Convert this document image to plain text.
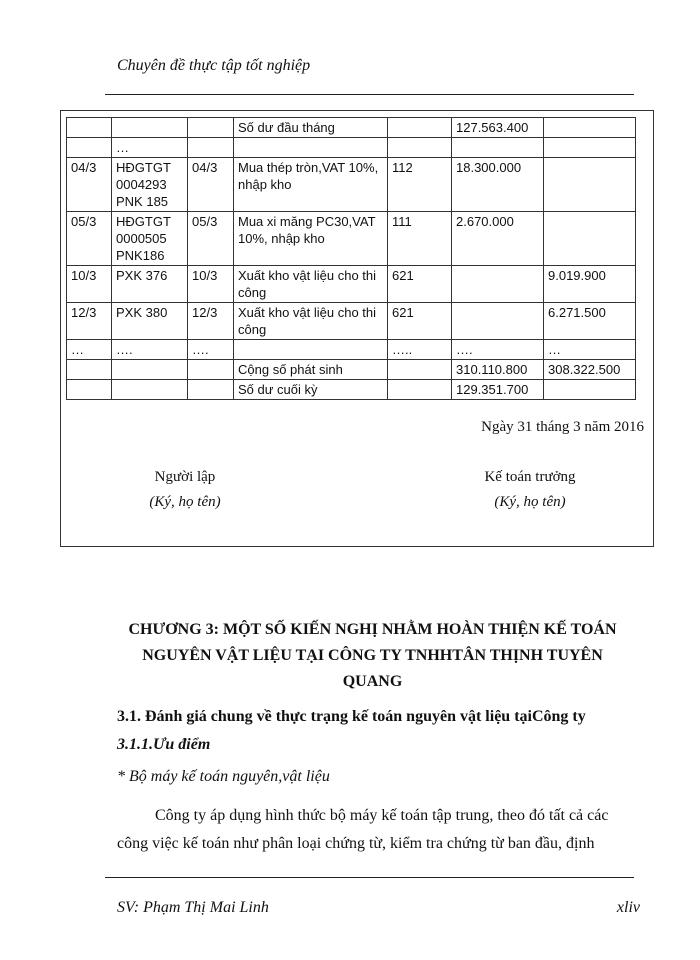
Chuyên đề thực tập tốt nghiệp
			Số dư đầu tháng		127.563.400	
	…					
04/3	HĐGTGT 0004293 PNK 185	04/3	Mua thép tròn,VAT 10%, nhập kho	112	18.300.000	
05/3	HĐGTGT 0000505 PNK186	05/3	Mua xi măng PC30,VAT 10%, nhập kho	111	2.670.000	
10/3	PXK 376	10/3	Xuất kho vật liệu cho thi công	621		9.019.900
12/3	PXK 380	12/3	Xuất kho vật liệu cho thi công	621		6.271.500
…	….	….		…..	….	…
			Cộng số phát sinh		310.110.800	308.322.500
			Số dư cuối kỳ		129.351.700	
Ngày 31 tháng 3 năm 2016
Người lập
(Ký, họ tên)
Kế toán trưởng
(Ký, họ tên)
CHƯƠNG 3: MỘT SỐ KIẾN NGHỊ NHẰM HOÀN THIỆN KẾ TOÁN
NGUYÊN VẬT LIỆU TẠI CÔNG TY TNHHTÂN THỊNH TUYÊN
QUANG
3.1. Đánh giá chung về thực trạng kế toán nguyên vật liệu tạiCông ty
3.1.1.Ưu điểm
* Bộ máy kế toán nguyên,vật liệu

Công ty áp dụng hình thức bộ máy kế toán tập trung, theo đó tất cả các

công việc kế toán như phân loại chứng từ, kiểm tra chứng từ ban đầu, định

SV: Phạm Thị Mai Linh	xliv
